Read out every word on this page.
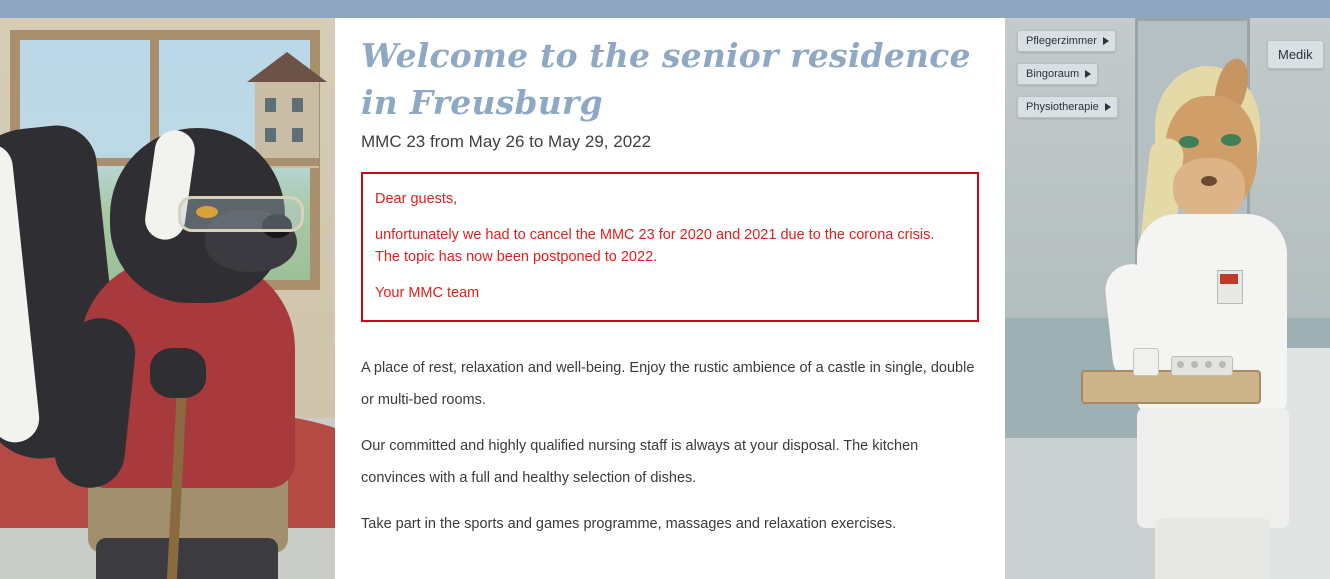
Welcome to the senior residence in Freusburg
MMC 23 from May 26 to May 29, 2022

Dear guests,

unfortunately we had to cancel the MMC 23 for 2020 and 2021 due to the corona crisis.
The topic has now been postponed to 2022.

Your MMC team

A place of rest, relaxation and well-being. Enjoy the rustic ambience of a castle in single, double or multi-bed rooms.

Our committed and highly qualified nursing staff is always at your disposal. The kitchen convinces with a full and healthy selection of dishes.

Take part in the sports and games programme, massages and relaxation exercises.

Pflegerzimmer
Bingoraum
Physiotherapie
Medik
